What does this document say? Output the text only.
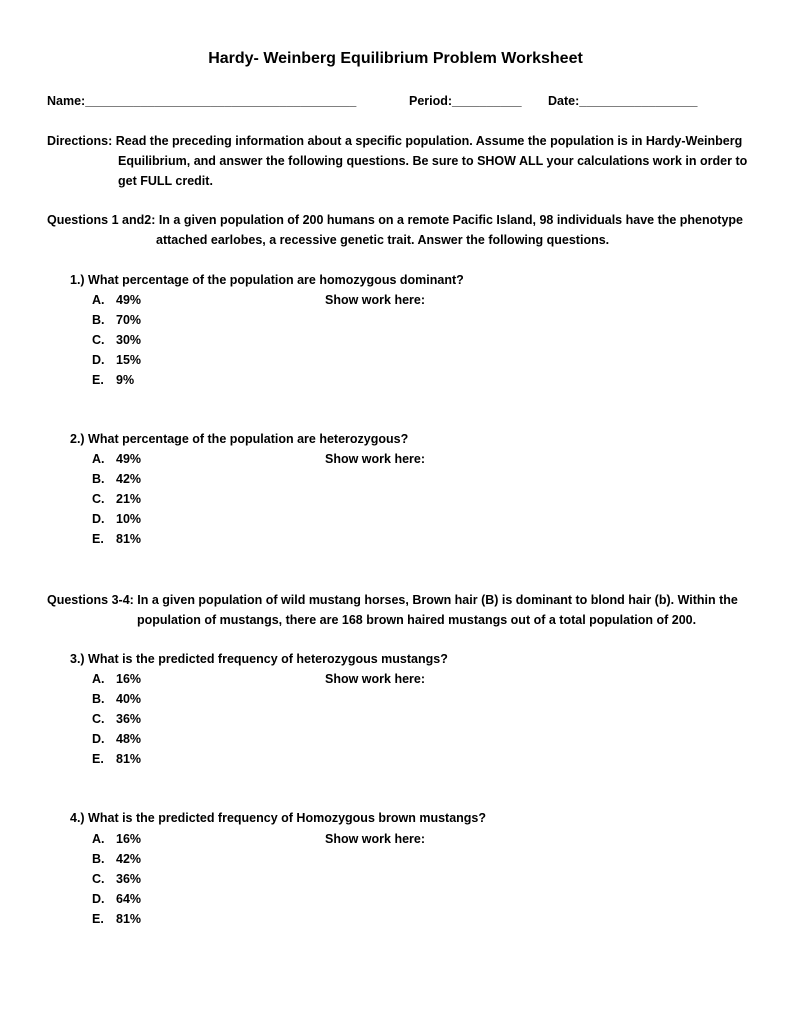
Hardy- Weinberg Equilibrium Problem Worksheet
Name:_______________________________________	Period:__________ Date:_________________
Directions: Read the preceding information about a specific population. Assume the population is in Hardy-Weinberg
Equilibrium, and answer the following questions. Be sure to SHOW ALL your calculations work in order to
get FULL credit.
Questions 1 and2: In a given population of 200 humans on a remote Pacific Island, 98 individuals have the phenotype
attached earlobes, a recessive genetic trait. Answer the following questions.
1.) What percentage of the population are homozygous dominant?
Show work here:
A. 49%
B. 70%
C. 30%
D. 15%
E. 9%
2.) What percentage of the population are heterozygous?
Show work here:
A. 49%
B. 42%
C. 21%
D. 10%
E. 81%
Questions 3-4: In a given population of wild mustang horses, Brown hair (B) is dominant to blond hair (b). Within the
population of mustangs, there are 168 brown haired mustangs out of a total population of 200.
3.) What is the predicted frequency of heterozygous mustangs?
Show work here:
A. 16%
B. 40%
C. 36%
D. 48%
E. 81%
4.) What is the predicted frequency of Homozygous brown mustangs?
Show work here:
A. 16%
B. 42%
C. 36%
D. 64%
E. 81%
